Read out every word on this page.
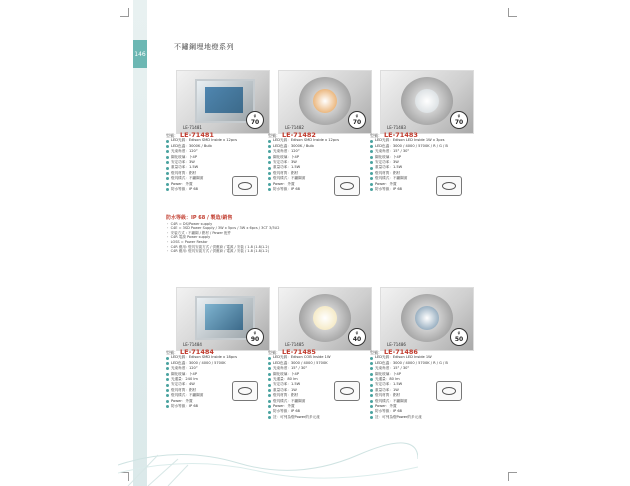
146
不鏽鋼埋地燈系列
LE-71481
φ
70
型號： LE-71481
LED光源：Edison SMD Inside x 12pcs
LED色溫：3000K / Bulb
光束角度：120°
鋼化玻璃：卜4P
安定功率：3W
重量功率：1.5W
燈具材質：鋁材
燈具樣式：不鏽鋼面
Power：外置
防水等級：IP 68
LE-71482
φ
70
型號： LE-71482
LED光源：Edison SMD Inside x 12pcs
LED色溫：3000K / Bulb
光束角度：120°
鋼化玻璃：卜4P
安定功率：3W
重量功率：1.5W
燈具材質：鋁材
燈具樣式：不鏽鋼面
Power：外置
防水等級：IP 68
LE-71483
φ
70
型號： LE-71483
LED光源：Edison LED Inside 1W x 3pcs
LED色溫：3000 / 4000 / 5700K / R / G / B
光束角度：15° / 30°
鋼化玻璃：卜4P
安定功率：3W
重量功率：1.5W
燈具材質：鋁材
燈具樣式：不鏽鋼面
Power：外置
防水等級：IP 68
LE-71484
φ
90
型號： LE-71484
LED光源：Edison SMD Inside x 18pcs
LED色溫：3000 / 4000 / 5700K
光束角度：120°
鋼化玻璃：卜4P
光通量：240 lm
安定功率：4W
燈具材質：鋁材
燈具樣式：不鏽鋼面
Power：外置
防水等級：IP 68
LE-71485
φ
40
型號： LE-71485
LED光源：Edison COB Inside 1W
LED色溫：3000 / 4000 / 5700K
光束角度：15° / 30°
鋼化玻璃：卜4P
光通量：80 lm
安定功率：1.5W
重量功率：1W
燈具材質：鋁材
燈具樣式：不鏽鋼面
Power：外置
防水等級：IP 68
註：可列為燈Power的多元產
LE-71486
φ
50
型號： LE-71486
LED光源：Edison LED Inside 1W
LED色溫：3000 / 4000 / 5700K / R / G / B
光束角度：15° / 30°
鋼化玻璃：卜4P
光通量：80 lm
安定功率：1.5W
重量功率：1W
燈具材質：鋁材
燈具樣式：不鏽鋼面
Power：外置
防水等級：IP 68
註：可列為燈Power的多元產
防水等級：IP 68 / 製造/銷售
・ C4R = DS/Power supply
・ C4E = 3SD Power Supply / 3W x 5pcs / 3W x 6pcs / 3CT 3/3U2
・ 安裝方式 : 不鏽鋼 / 鋁材 / Power 配件
・ C4R 電源 Power supply
・ LOSS = Power Restor
・ C4R 應用: 燈具安裝方式 / 供應商 / 電源 / 安裝 / 1.8 (1.8/1.2)
・ C4R 應用: 燈具安裝方式 / 供應商 / 電源 / 安裝 / 1.8 (1.8/1.2)
